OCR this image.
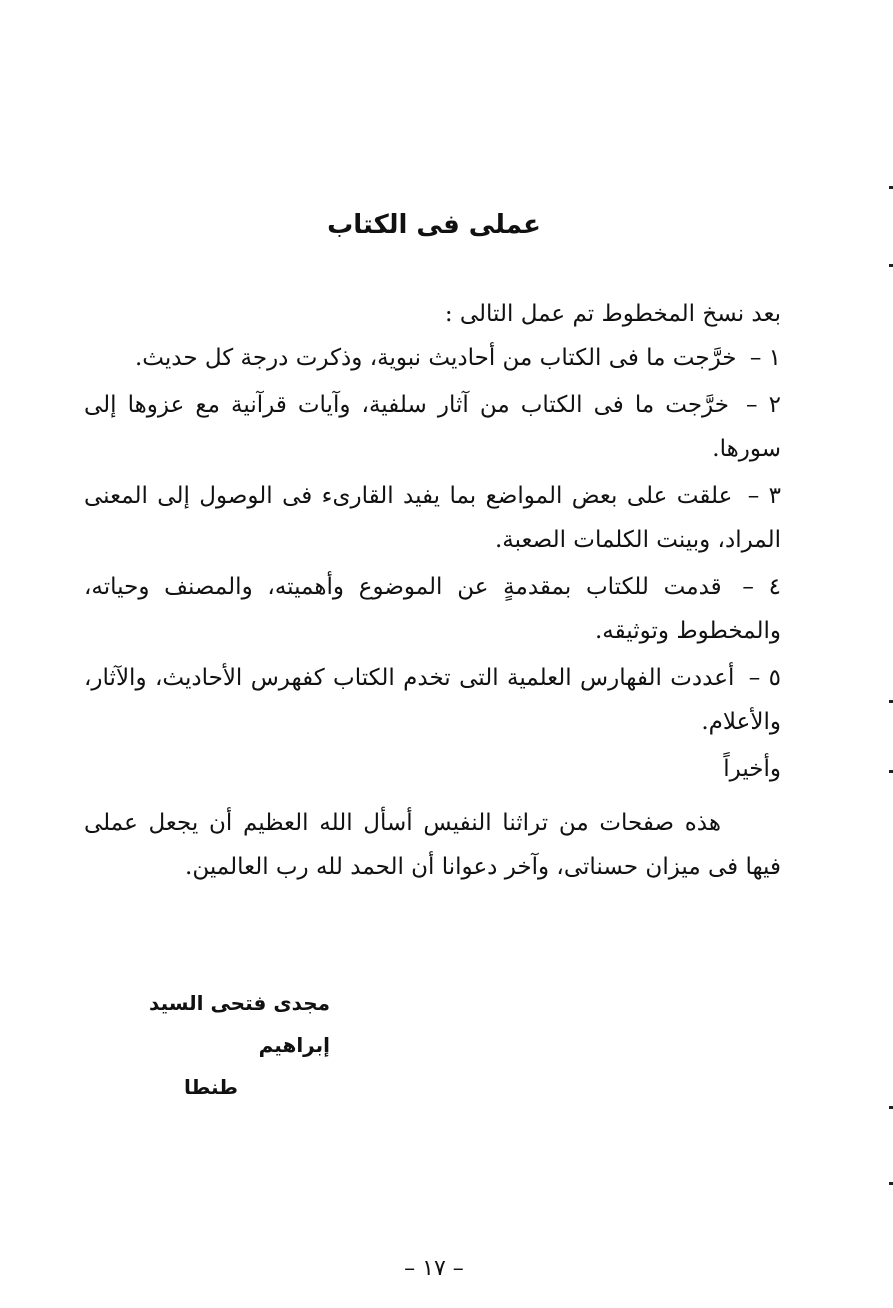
عملى فى الكتاب

بعد نسخ المخطوط تم عمل التالى :

١ – خرَّجت ما فى الكتاب من أحاديث نبوية، وذكرت درجة كل حديث.

٢ – خرَّجت ما فى الكتاب من آثار سلفية، وآيات قرآنية مع عزوها إلى سورها.

٣ – علقت على بعض المواضع بما يفيد القارىء فى الوصول إلى المعنى المراد، وبينت الكلمات الصعبة.

٤ – قدمت للكتاب بمقدمةٍ عن الموضوع وأهميته، والمصنف وحياته، والمخطوط وتوثيقه.

٥ – أعددت الفهارس العلمية التى تخدم الكتاب كفهرس الأحاديث، والآثار، والأعلام.

وأخيراً

هذه صفحات من تراثنا النفيس أسأل الله العظيم أن يجعل عملى فيها فى ميزان حسناتى، وآخر دعوانا أن الحمد لله رب العالمين.

مجدى فتحى السيد إبراهيم
طنطا
– ١٧ –
